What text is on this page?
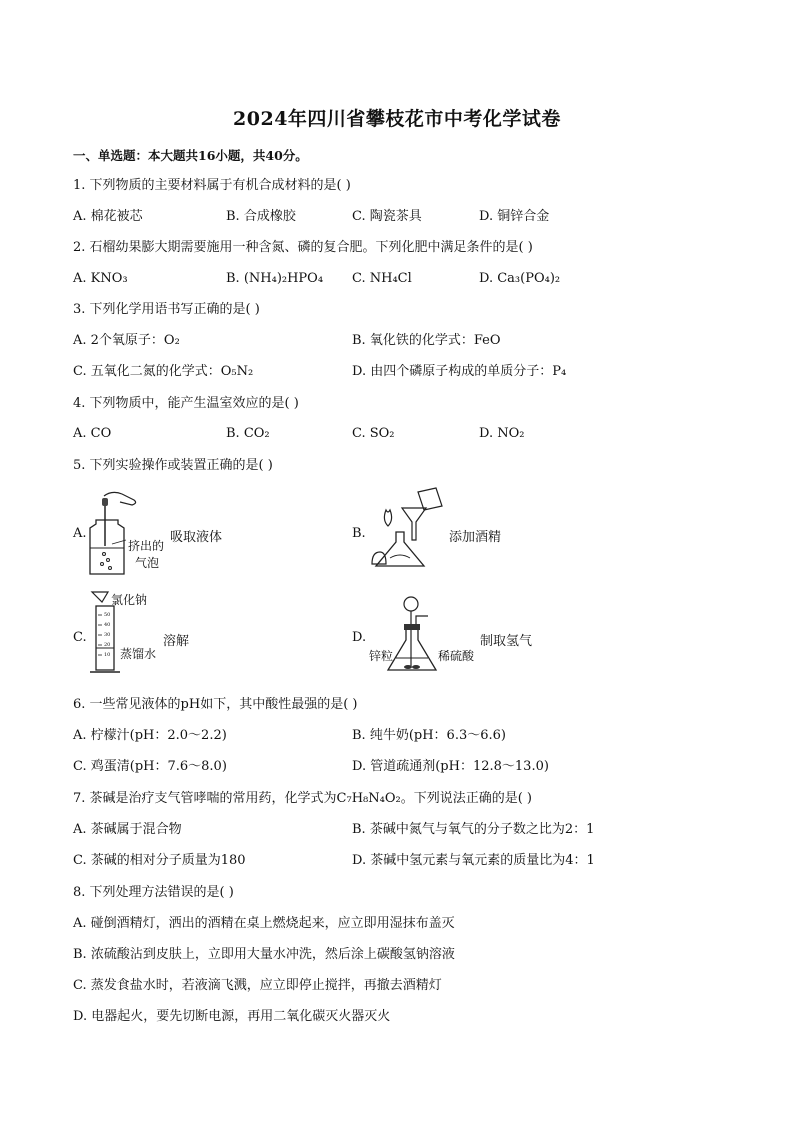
2024年四川省攀枝花市中考化学试卷
一、单选题：本大题共16小题，共40分。
1. 下列物质的主要材料属于有机合成材料的是( )
A. 棉花被芯	B. 合成橡胶	C. 陶瓷茶具	D. 铜锌合金
2. 石榴幼果膨大期需要施用一种含氮、磷的复合肥。下列化肥中满足条件的是( )
A. KNO₃	B. (NH₄)₂HPO₄ C. NH₄Cl	D. Ca₃(PO₄)₂
3. 下列化学用语书写正确的是( )
A. 2个氧原子：O₂	B. 氧化铁的化学式：FeO
C. 五氧化二氮的化学式：O₅N₂	D. 由四个磷原子构成的单质分子：P₄
4. 下列物质中，能产生温室效应的是( )
A. CO	B. CO₂	C. SO₂	D. NO₂
5. 下列实验操作或装置正确的是( )
A.
挤出的
气泡
吸取液体	B.	添加酒精
C.
50
40
30
20
10
氯化钠
蒸馏水
溶解	D.
锌粒	稀硫酸
制取氢气
6. 一些常见液体的pH如下，其中酸性最强的是( )
A. 柠檬汁(pH：2.0～2.2)	B. 纯牛奶(pH：6.3～6.6)
C. 鸡蛋清(pH：7.6～8.0)	D. 管道疏通剂(pH：12.8～13.0)
7. 茶碱是治疗支气管哮喘的常用药，化学式为C₇H₈N₄O₂。下列说法正确的是( )
A. 茶碱属于混合物	B. 茶碱中氮气与氧气的分子数之比为2：1
C. 茶碱的相对分子质量为180	D. 茶碱中氢元素与氧元素的质量比为4：1
8. 下列处理方法错误的是( )
A. 碰倒酒精灯，洒出的酒精在桌上燃烧起来，应立即用湿抹布盖灭
B. 浓硫酸沾到皮肤上，立即用大量水冲洗，然后涂上碳酸氢钠溶液
C. 蒸发食盐水时，若液滴飞溅，应立即停止搅拌，再撤去酒精灯
D. 电器起火，要先切断电源，再用二氧化碳灭火器灭火
